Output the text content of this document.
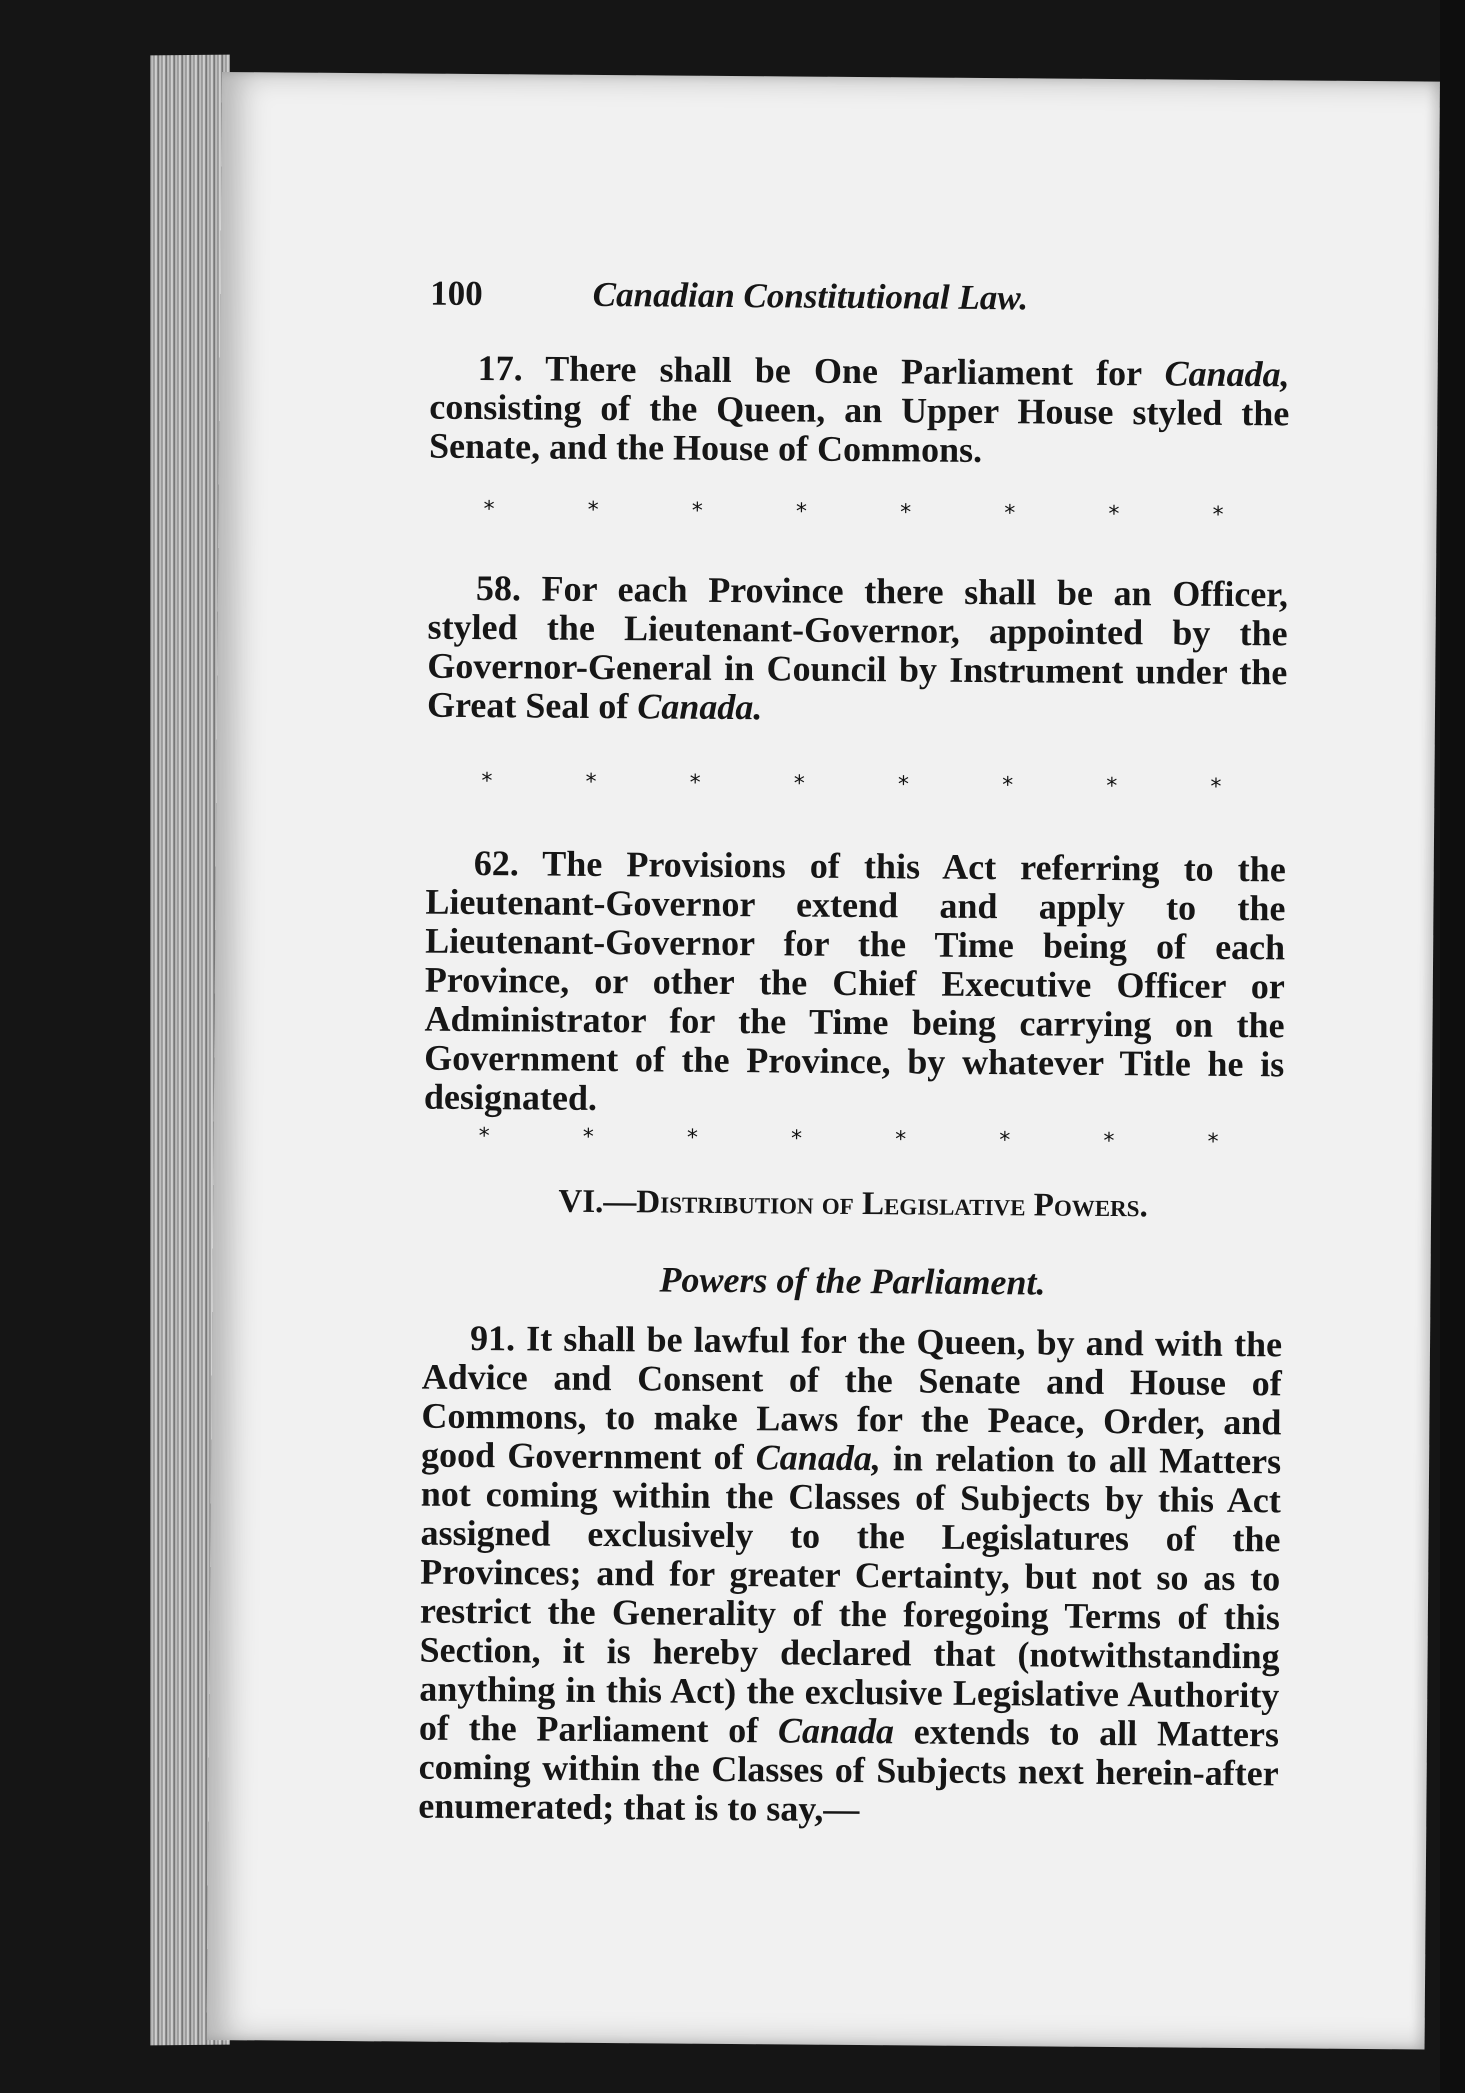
100	Canadian Constitutional Law.
17. There shall be One Parliament for Canada, consisting of the Queen, an Upper House styled the Senate, and the House of Commons.
*	*	*	*	*	*	*	*
58. For each Province there shall be an Officer, styled the Lieutenant-Governor, appointed by the Governor-General in Council by Instrument under the Great Seal of Canada.
*	*	*	*	*	*	*	*
62. The Provisions of this Act referring to the Lieutenant-Governor extend and apply to the Lieutenant-Governor for the Time being of each Province, or other the Chief Executive Officer or Administrator for the Time being carrying on the Government of the Province, by whatever Title he is designated.
*	*	*	*	*	*	*	*
VI.—Distribution of Legislative Powers.
Powers of the Parliament.
91. It shall be lawful for the Queen, by and with the Advice and Consent of the Senate and House of Commons, to make Laws for the Peace, Order, and good Government of Canada, in relation to all Matters not coming within the Classes of Subjects by this Act assigned exclusively to the Legislatures of the Provinces; and for greater Certainty, but not so as to restrict the Generality of the foregoing Terms of this Section, it is hereby declared that (notwithstanding anything in this Act) the exclusive Legislative Authority of the Parliament of Canada extends to all Matters coming within the Classes of Subjects next herein-after enumerated; that is to say,—
